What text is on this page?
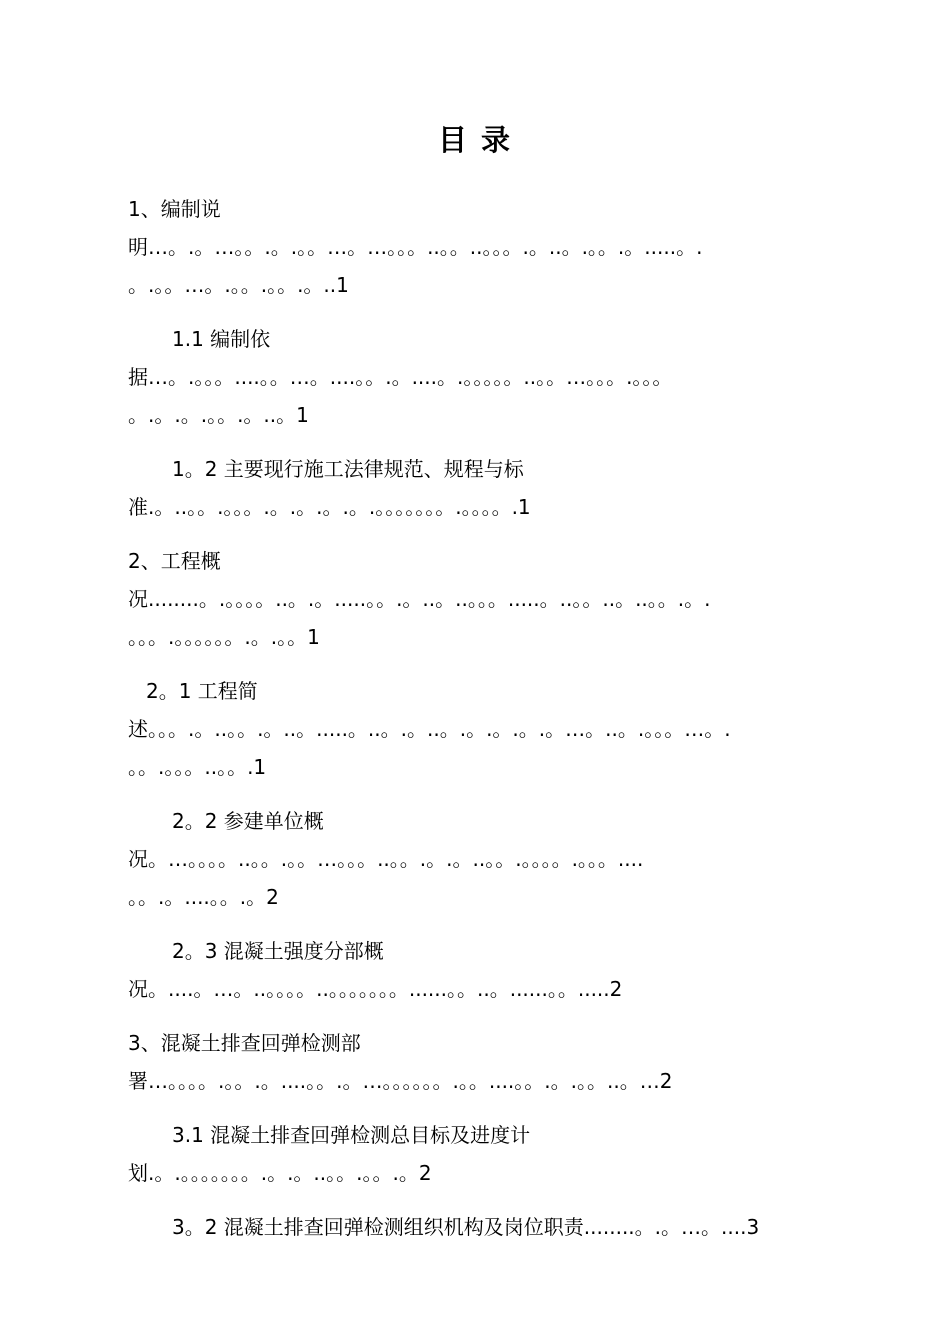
目 录
1、编制说
明…。.。…。。.。.。。…。…。。。..。。..。。。.。..。.。。.。.....。.
。.。。…。.。。.。。.。..1
1.1 编制依
据…。.。。。....。。…。....。。.。....。.。。。。。..。。…。。。.。。。
。.。.。.。。.。..。1
1。2 主要现行施工法律规范、规程与标
准.。..。。.。。。.。.。.。.。.。。。。。。。.。。。。.1
2、工程概
况........。.。。。。..。.。.....。。.。..。..。。。.....。..。。..。..。。.。.
。。。.。。。。。。.。.。。1
2。1 工程简
述。。。.。..。。.。..。.....。..。.。..。.。.。.。.。…。..。.。。。…。.
。。.。。。..。。.1
2。2 参建单位概
况。…。。。。..。。.。。…。。。..。。.。.。..。。.。。。。.。。。....
。。.。....。。.。2
2。3 混凝土强度分部概
况。....。…。..。。。。..。。。。。。。......。。..。......。。.....2
3、混凝土排查回弹检测部
署…。。。。.。。.。....。。.。…。。。。。。.。。....。。.。.。。..。…2
3.1 混凝土排查回弹检测总目标及进度计
划.。.。。。。。。。.。.。..。。.。。.。2
3。2 混凝土排查回弹检测组织机构及岗位职责........。.。…。....3
